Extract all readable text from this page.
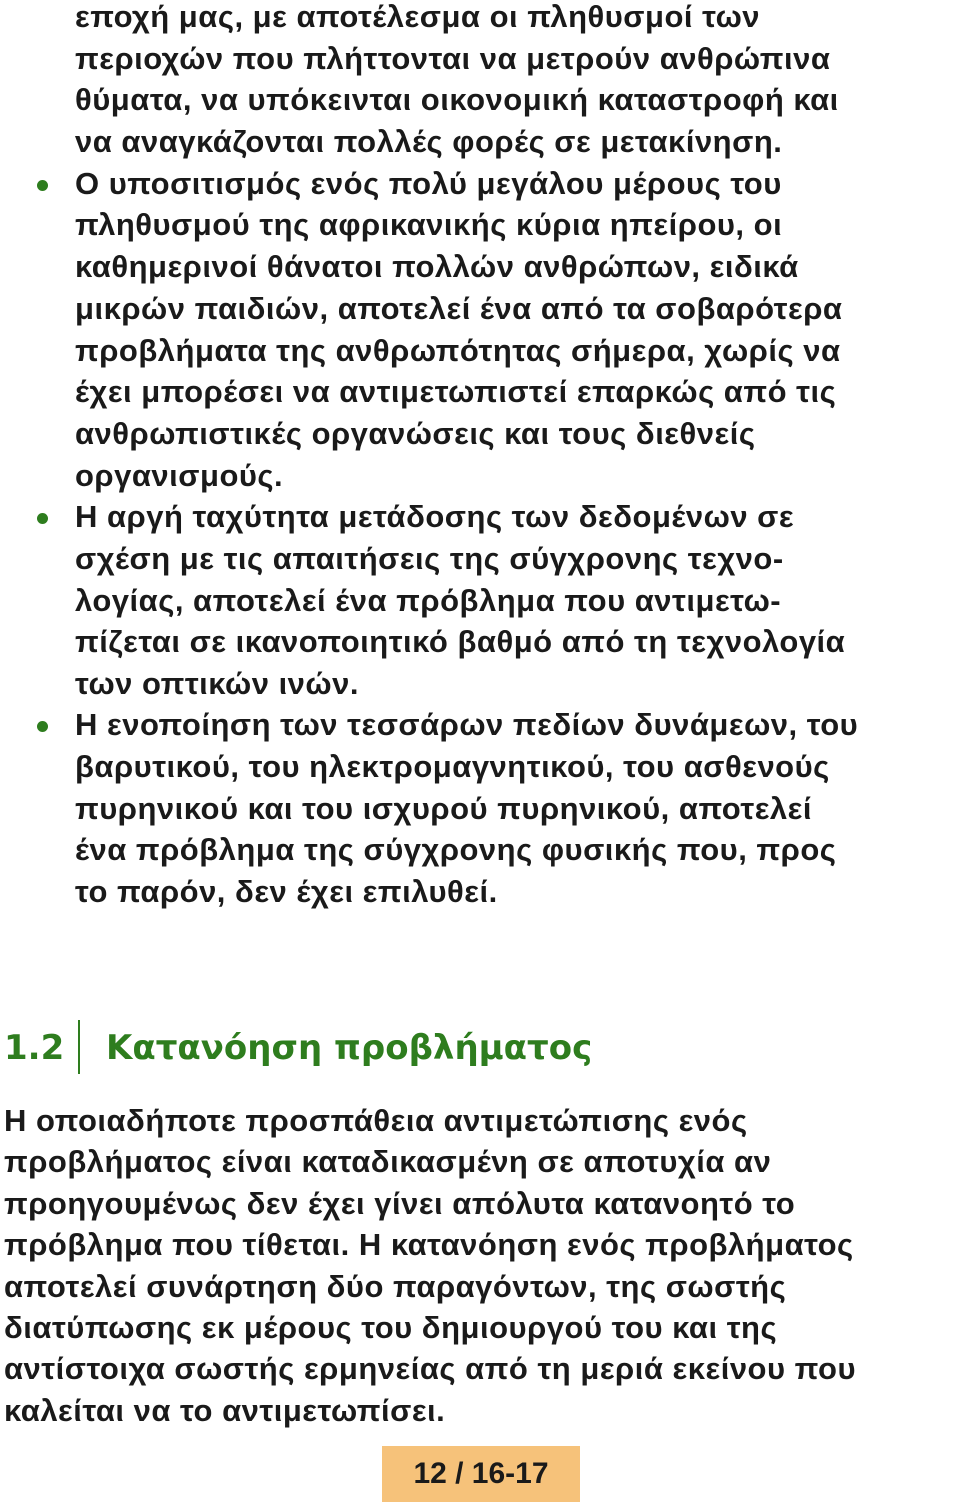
εποχή μας, με αποτέλεσμα οι πληθυσμοί των
περιοχών που πλήττονται να μετρούν ανθρώπινα
θύματα, να υπόκεινται οικονομική καταστροφή και
να αναγκάζονται πολλές φορές σε μετακίνηση.
Ο υποσιτισμός ενός πολύ μεγάλου μέρους του
πληθυσμού της αφρικανικής κύρια ηπείρου, οι
καθημερινοί θάνατοι πολλών ανθρώπων, ειδικά
μικρών παιδιών, αποτελεί ένα από τα σοβαρότερα
προβλήματα της ανθρωπότητας σήμερα, χωρίς να
έχει μπορέσει να αντιμετωπιστεί επαρκώς από τις
ανθρωπιστικές οργανώσεις και τους διεθνείς
οργανισμούς.
Η αργή ταχύτητα μετάδοσης των δεδομένων σε
σχέση με τις απαιτήσεις της σύγχρονης τεχνο-
λογίας, αποτελεί ένα πρόβλημα που αντιμετω-
πίζεται σε ικανοποιητικό βαθμό από τη τεχνολογία
των οπτικών ινών.
Η ενοποίηση των τεσσάρων πεδίων δυνάμεων, του
βαρυτικού, του ηλεκτρομαγνητικού, του ασθενούς
πυρηνικού και του ισχυρού πυρηνικού, αποτελεί
ένα πρόβλημα της σύγχρονης φυσικής που, προς
το παρόν, δεν έχει επιλυθεί.
1.2 Κατανόηση προβλήματος
Η οποιαδήποτε προσπάθεια αντιμετώπισης ενός
προβλήματος είναι καταδικασμένη σε αποτυχία αν
προηγουμένως δεν έχει γίνει απόλυτα κατανοητό το
πρόβλημα που τίθεται. Η κατανόηση ενός προβλήματος
αποτελεί συνάρτηση δύο παραγόντων, της σωστής
διατύπωσης εκ μέρους του δημιουργού του και της
αντίστοιχα σωστής ερμηνείας από τη μεριά εκείνου που
καλείται να το αντιμετωπίσει.
12 / 16-17
